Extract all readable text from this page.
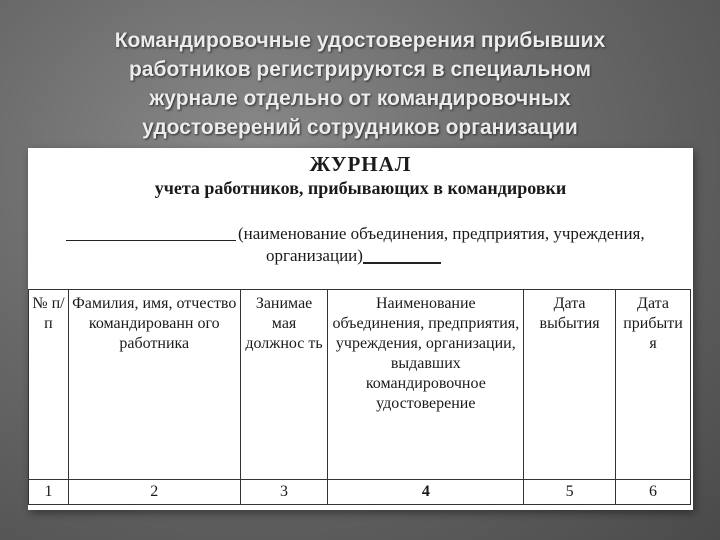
Командировочные удостоверения прибывших
работников регистрируются в специальном
журнале отдельно от командировочных
удостоверений сотрудников организации
ЖУРНАЛ
учета работников, прибывающих в командировки
(наименование объединения, предприятия, учреждения,
организации)
№ п/п	Фамилия, имя, отчество командированн ого работника	Занимае мая должнос ть	Наименование объединения, предприятия, учреждения, организации, выдавших командировочное удостоверение	Дата выбытия	Дата прибыти я
1	2	3	4	5	6
